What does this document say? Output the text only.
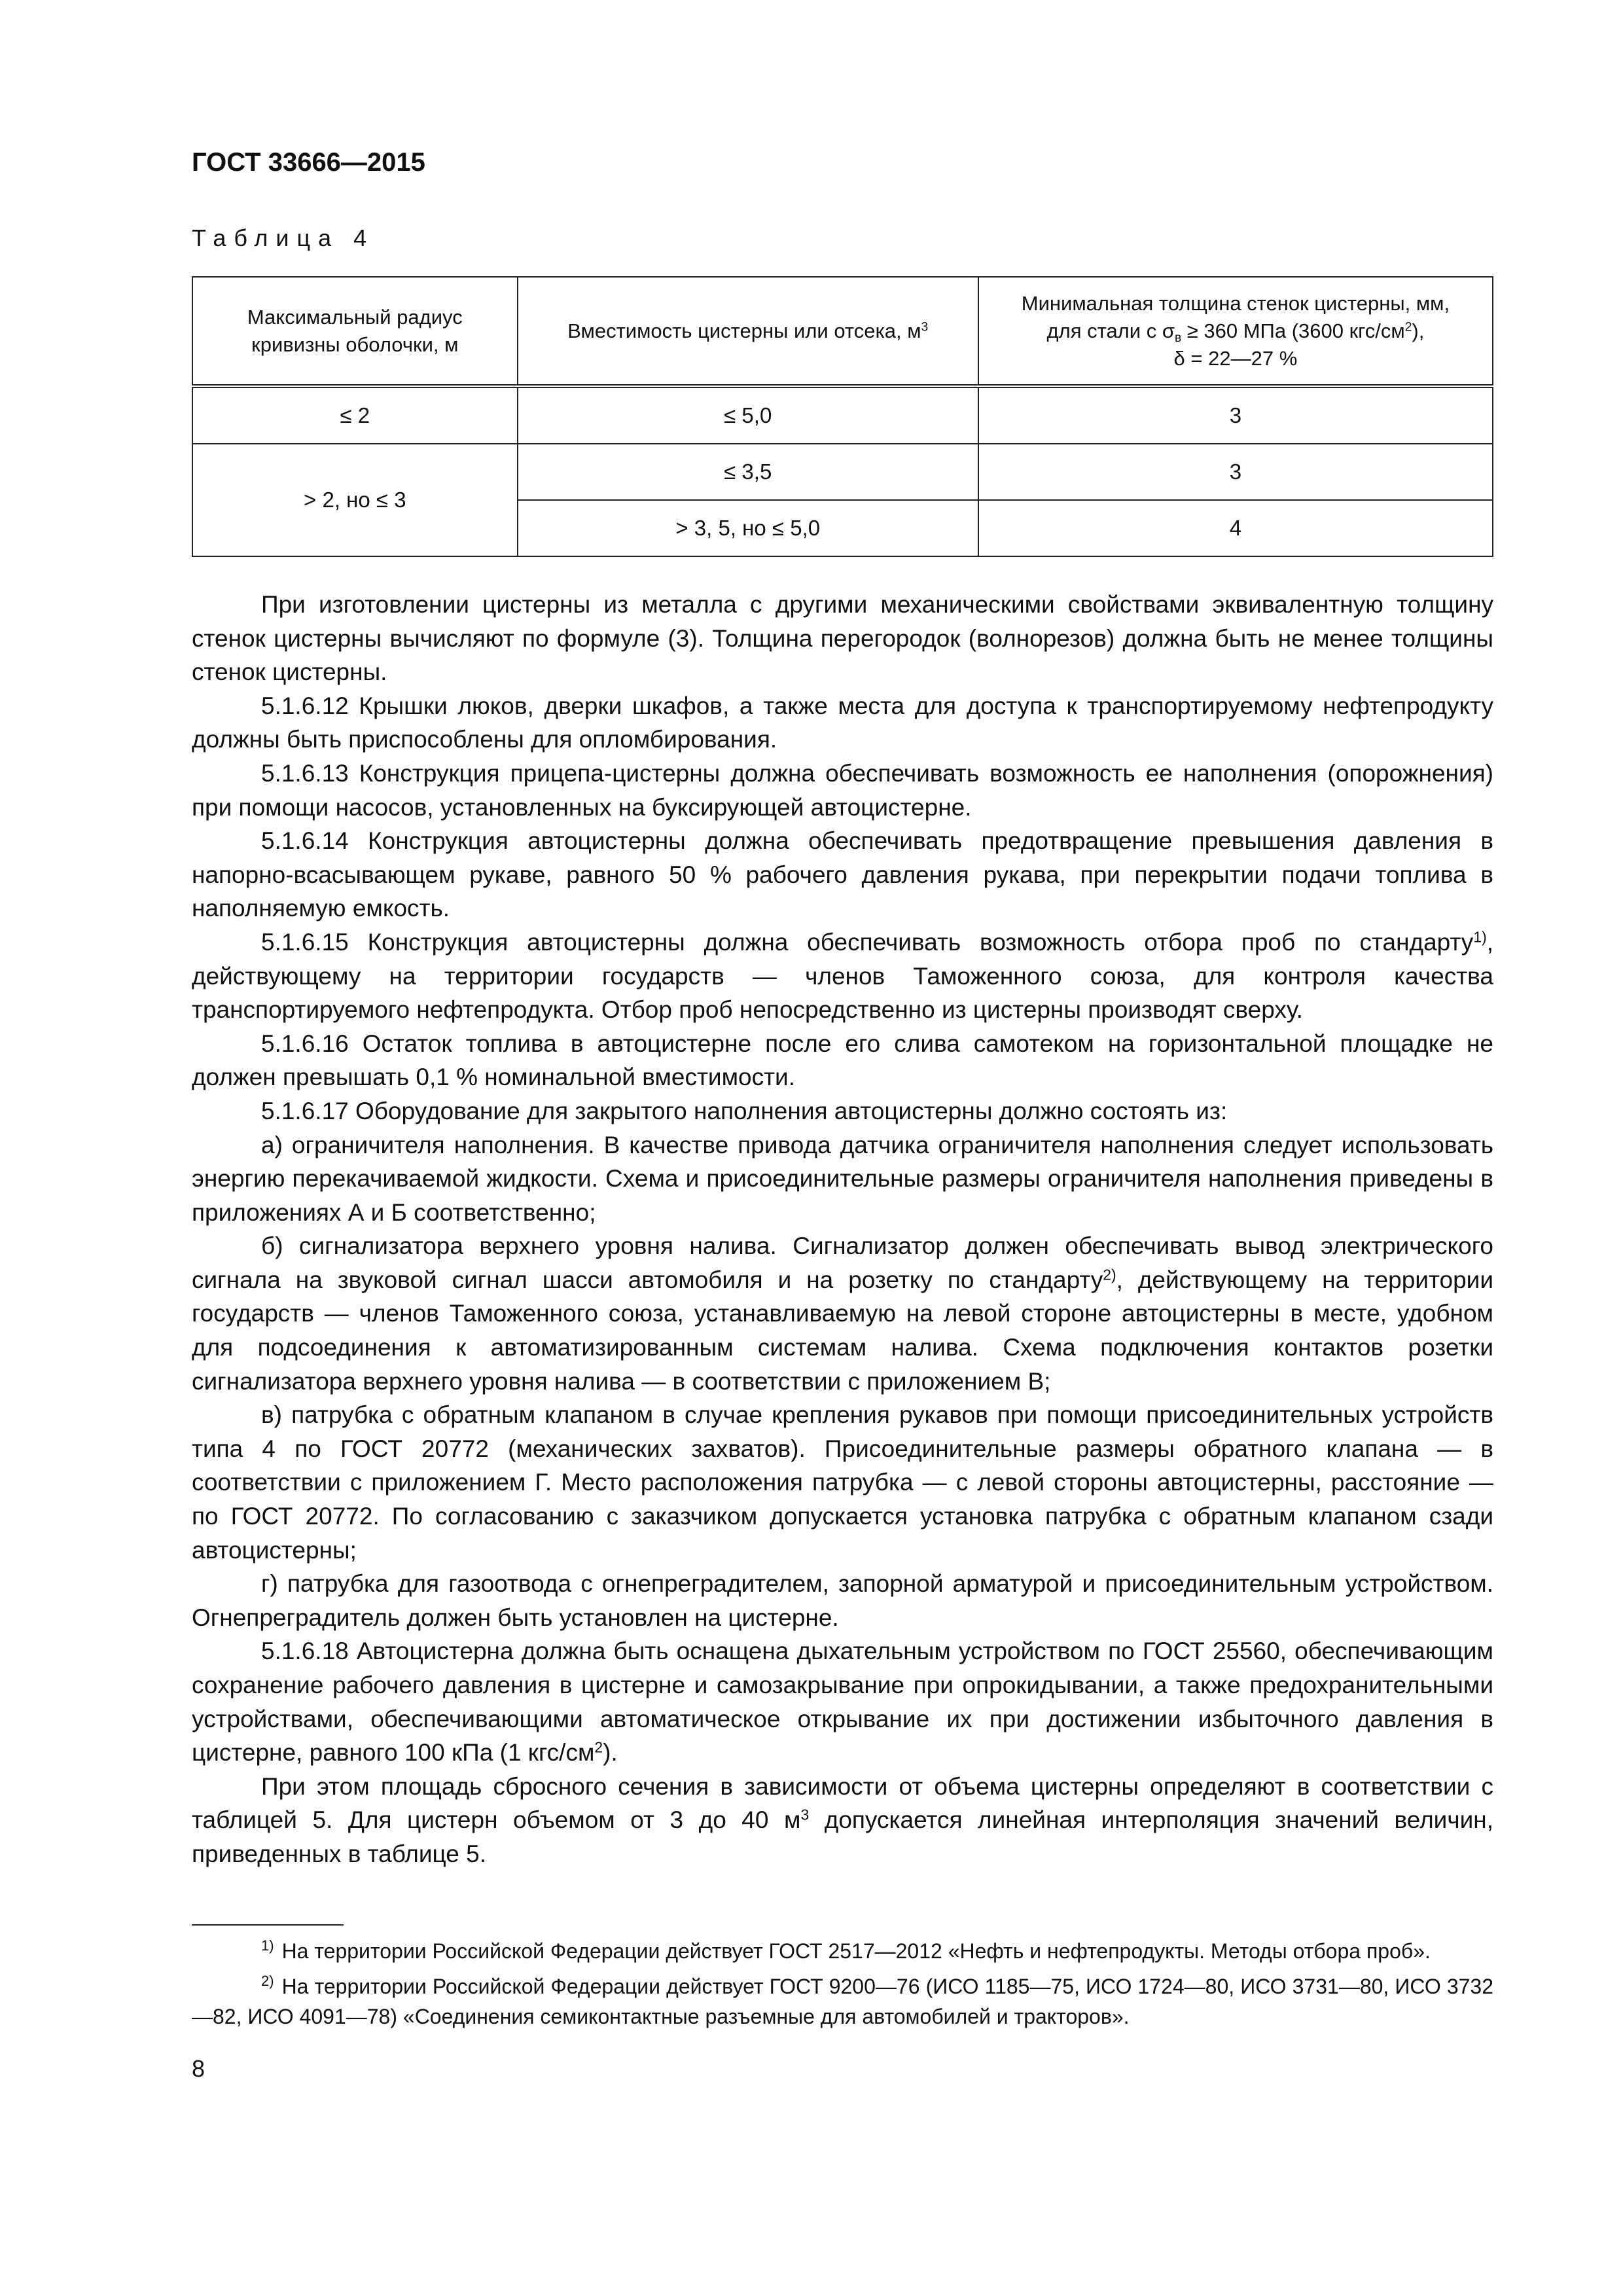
ГОСТ 33666—2015
Таблица 4
Максимальный радиус
кривизны оболочки, м	Вместимость цистерны или отсека, $м^3$	Минимальная толщина стенок цистерны, мм,
для стали с $\sigma_в \ge 360$ МПа (3600 кгс/$см^2$),
δ = 22—27 %

≤ 2	≤ 5,0	3
> 2, но ≤ 3	≤ 3,5	3
	> 3, 5, но ≤ 5,0	4

При изготовлении цистерны из металла с другими механическими свойствами эквивалентную толщину стенок цистерны вычисляют по формуле (3). Толщина перегородок (волнорезов) должна быть не менее толщины стенок цистерны.

5.1.6.12 Крышки люков, дверки шкафов, а также места для доступа к транспортируемому нефтепродукту должны быть приспособлены для опломбирования.

5.1.6.13 Конструкция прицепа-цистерны должна обеспечивать возможность ее наполнения (опорожнения) при помощи насосов, установленных на буксирующей автоцистерне.

5.1.6.14 Конструкция автоцистерны должна обеспечивать предотвращение превышения давления в напорно-всасывающем рукаве, равного 50 % рабочего давления рукава, при перекрытии подачи топлива в наполняемую емкость.

5.1.6.15 Конструкция автоцистерны должна обеспечивать возможность отбора проб по стандарту$^{1)}$, действующему на территории государств — членов Таможенного союза, для контроля качества транспортируемого нефтепродукта. Отбор проб непосредственно из цистерны производят сверху.

5.1.6.16 Остаток топлива в автоцистерне после его слива самотеком на горизонтальной площадке не должен превышать 0,1 % номинальной вместимости.

5.1.6.17 Оборудование для закрытого наполнения автоцистерны должно состоять из:

а) ограничителя наполнения. В качестве привода датчика ограничителя наполнения следует использовать энергию перекачиваемой жидкости. Схема и присоединительные размеры ограничителя наполнения приведены в приложениях А и Б соответственно;

б) сигнализатора верхнего уровня налива. Сигнализатор должен обеспечивать вывод электрического сигнала на звуковой сигнал шасси автомобиля и на розетку по стандарту$^{2)}$, действующему на территории государств — членов Таможенного союза, устанавливаемую на левой стороне автоцистерны в месте, удобном для подсоединения к автоматизированным системам налива. Схема подключения контактов розетки сигнализатора верхнего уровня налива — в соответствии с приложением В;

в) патрубка с обратным клапаном в случае крепления рукавов при помощи присоединительных устройств типа 4 по ГОСТ 20772 (механических захватов). Присоединительные размеры обратного клапана — в соответствии с приложением Г. Место расположения патрубка — с левой стороны автоцистерны, расстояние — по ГОСТ 20772. По согласованию с заказчиком допускается установка патрубка с обратным клапаном сзади автоцистерны;

г) патрубка для газоотвода с огнепреградителем, запорной арматурой и присоединительным устройством. Огнепреградитель должен быть установлен на цистерне.

5.1.6.18 Автоцистерна должна быть оснащена дыхательным устройством по ГОСТ 25560, обеспечивающим сохранение рабочего давления в цистерне и самозакрывание при опрокидывании, а также предохранительными устройствами, обеспечивающими автоматическое открывание их при достижении избыточного давления в цистерне, равного 100 кПа (1 кгс/$см^2$).

При этом площадь сбросного сечения в зависимости от объема цистерны определяют в соответствии с таблицей 5. Для цистерн объемом от 3 до 40 $м^3$ допускается линейная интерполяция значений величин, приведенных в таблице 5.

$^{1)}$ На территории Российской Федерации действует ГОСТ 2517—2012 «Нефть и нефтепродукты. Методы отбора проб».

$^{2)}$ На территории Российской Федерации действует ГОСТ 9200—76 (ИСО 1185—75, ИСО 1724—80, ИСО 3731—80, ИСО 3732—82, ИСО 4091—78) «Соединения семиконтактные разъемные для автомобилей и тракторов».

8
